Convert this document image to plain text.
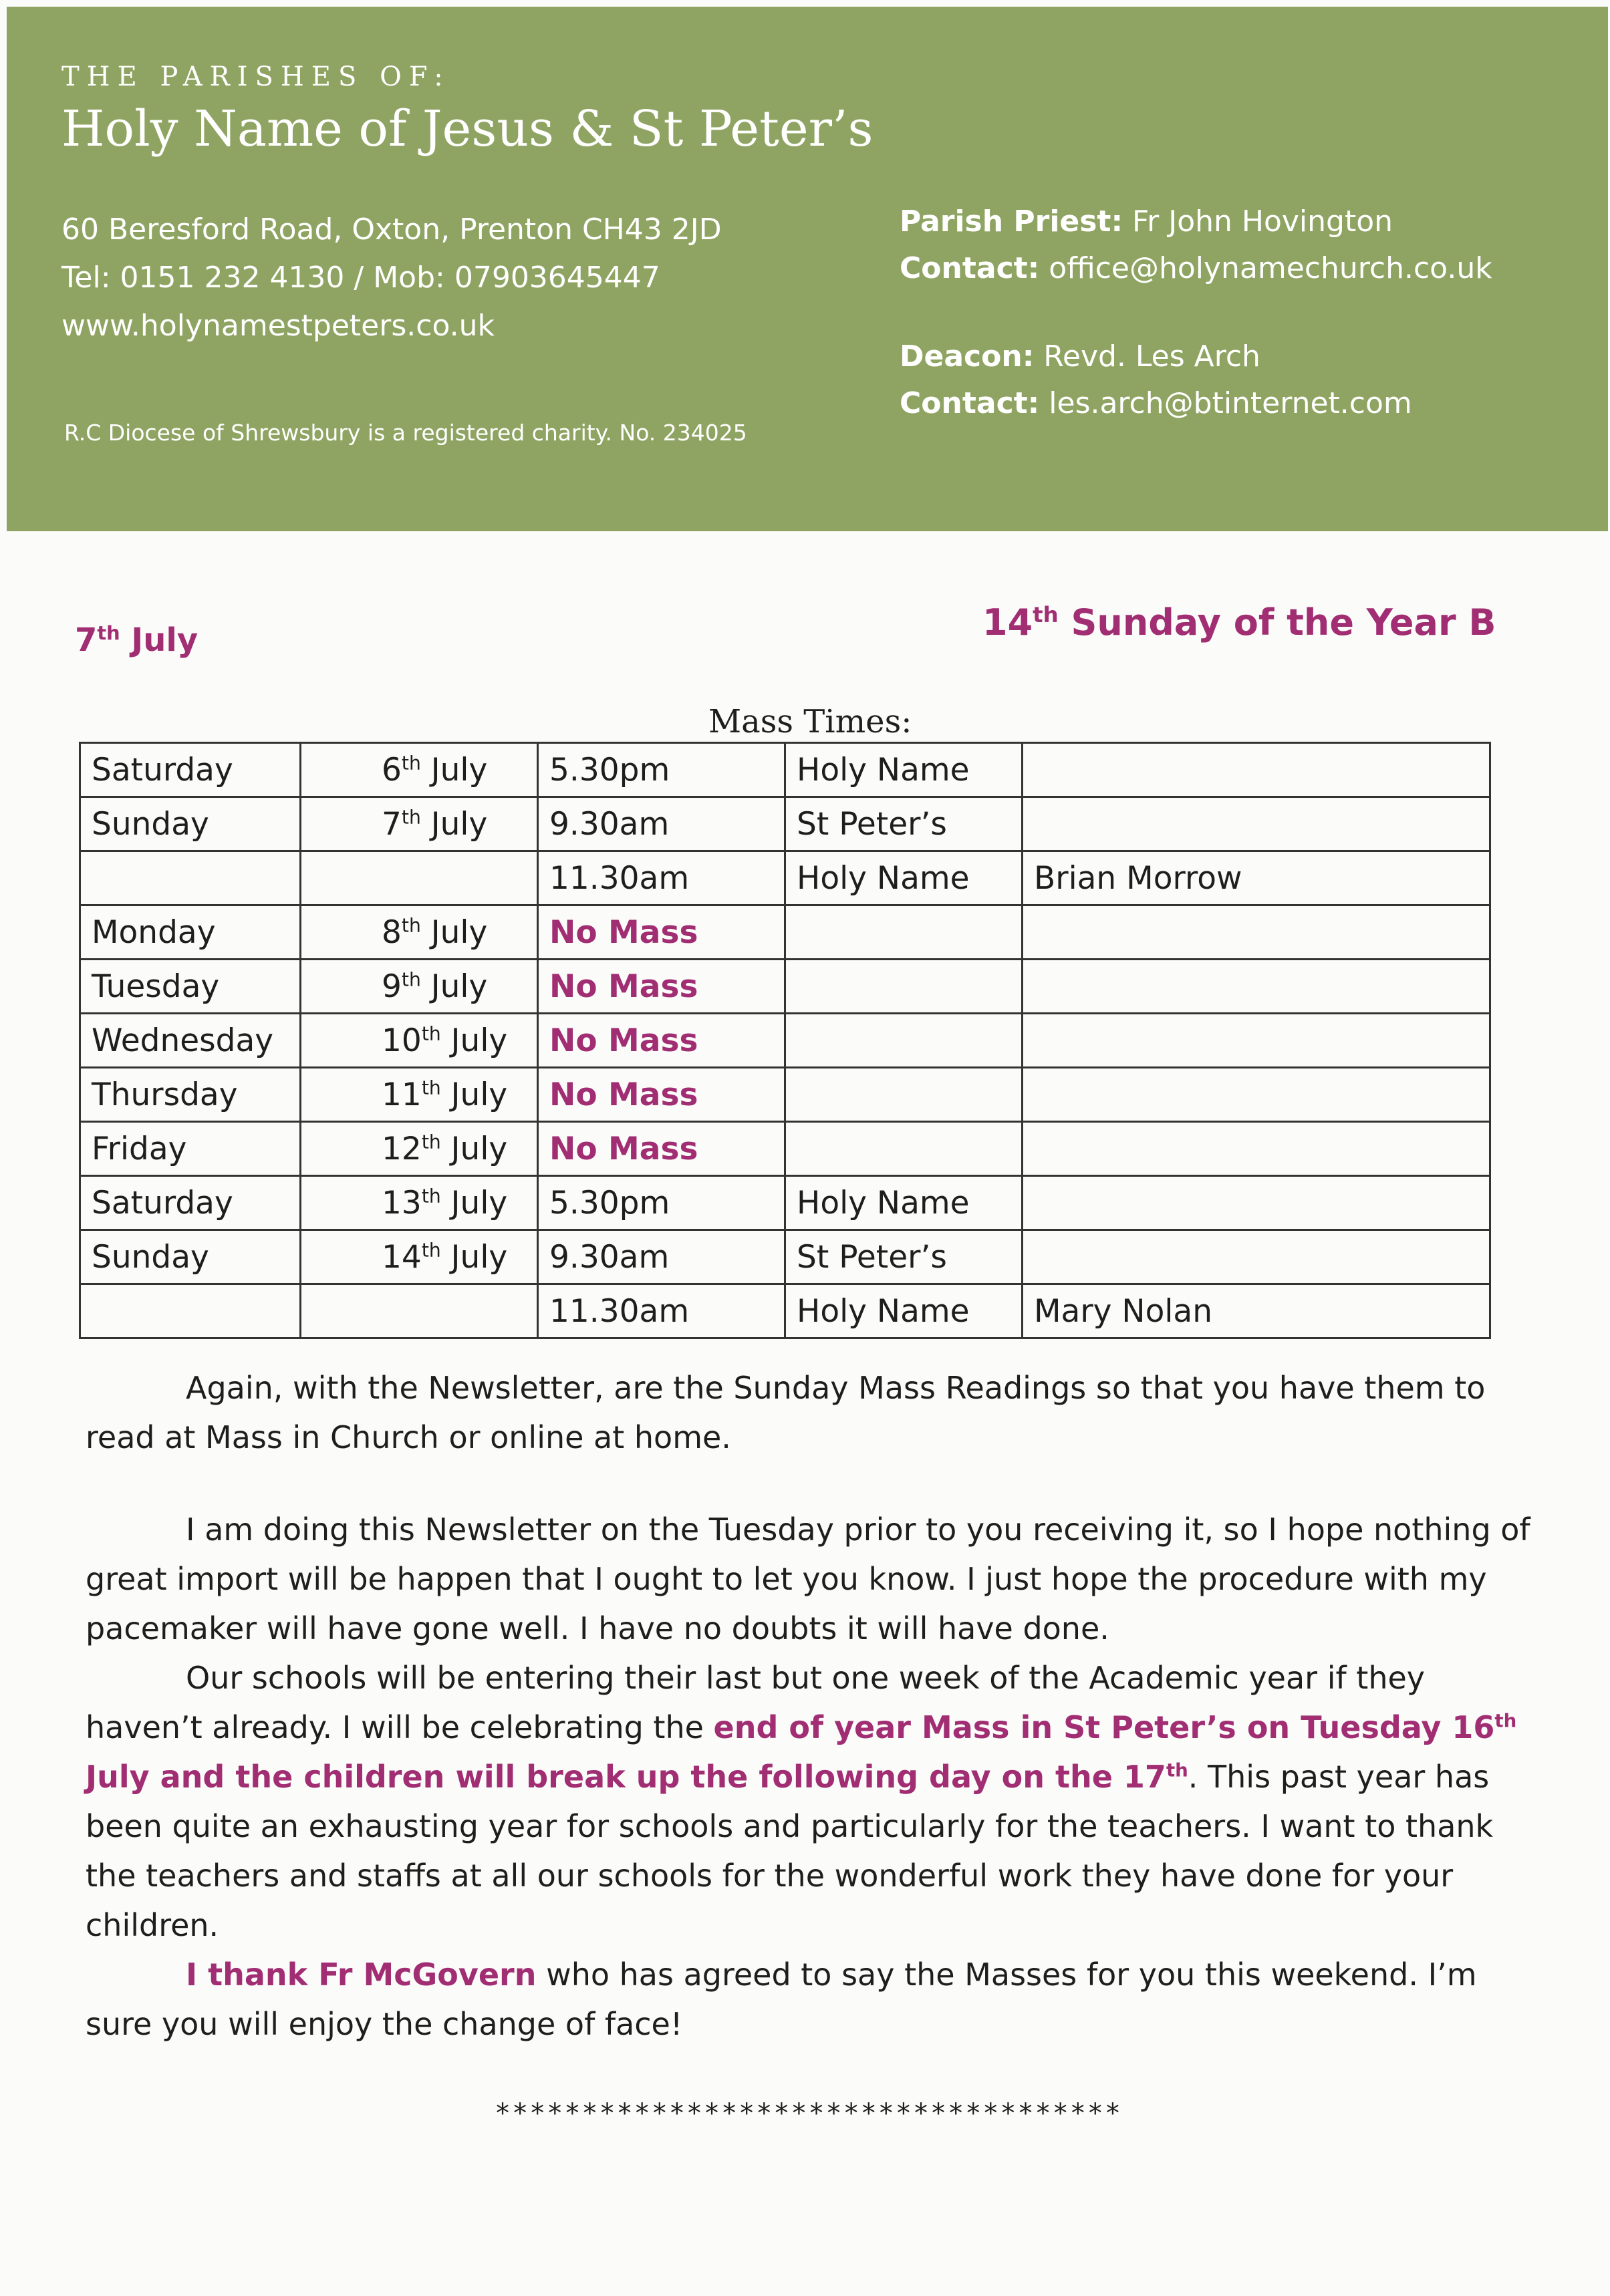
THE PARISHES OF:
Holy Name of Jesus & St Peter’s
60 Beresford Road, Oxton, Prenton CH43 2JD
Tel: 0151 232 4130 / Mob: 07903645447
www.holynamestpeters.co.uk
R.C Diocese of Shrewsbury is a registered charity. No. 234025
Parish Priest: Fr John Hovington
Contact: office@holynamechurch.co.uk
Deacon: Revd. Les Arch
Contact: les.arch@btinternet.com
7th July	14th Sunday of the Year B
Mass Times:
Saturday	6th July	5.30pm	Holy Name	
Sunday	7th July	9.30am	St Peter’s	
		11.30am	Holy Name	Brian Morrow
Monday	8th July	No Mass		
Tuesday	9th July	No Mass		
Wednesday	10th July	No Mass		
Thursday	11th July	No Mass		
Friday	12th July	No Mass		
Saturday	13th July	5.30pm	Holy Name	
Sunday	14th July	9.30am	St Peter’s	
		11.30am	Holy Name	Mary Nolan

Again, with the Newsletter, are the Sunday Mass Readings so that you have them to read at Mass in Church or online at home.

I am doing this Newsletter on the Tuesday prior to you receiving it, so I hope nothing of great import will be happen that I ought to let you know. I just hope the procedure with my pacemaker will have gone well. I have no doubts it will have done.

Our schools will be entering their last but one week of the Academic year if they haven’t already. I will be celebrating the end of year Mass in St Peter’s on Tuesday 16th July and the children will break up the following day on the 17th. This past year has been quite an exhausting year for schools and particularly for the teachers. I want to thank the teachers and staffs at all our schools for the wonderful work they have done for your children.

I thank Fr McGovern who has agreed to say the Masses for you this weekend. I’m sure you will enjoy the change of face!

************************************
